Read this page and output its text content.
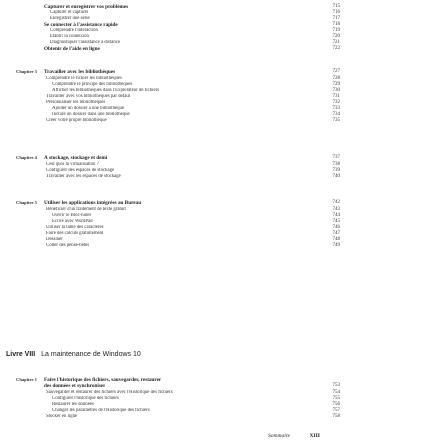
Capturer et enregistrer vos problèmes	715
Capturer et capturer	716
Enregistrer une série	717
Se connecter à l'assistance rapide	718
Comprendre l'interaction	719
Établir la connexion	720
Diagnostiquer l'assistance à distance	721
Obtenir de l'aide en ligne	722
Chapitre 3 Travailler avec les bibliothèques	727
Comprendre le fichier les bibliothèques	728
Comprendre le principe des bibliothèques	729
Afficher les bibliothèques dans l'Explorateur de fichiers	730
Travailler avec vos bibliothèques par défaut	731
Personnaliser les bibliothèques	732
Ajouter un dossier à une bibliothèque	733
Inclure un dossier dans une bibliothèque	734
Créer votre propre bibliothèque	735
Chapitre 4 À stockage, stockage et demi	737
Cest quoi la virtualisation ?	738
Configurer des espaces de stockage	739
Travailler avec les espaces de stockage	740
Chapitre 5 Utiliser les applications intégrées au Bureau	742
Bénéficier d'un traitement de texte gratuit	743
Ouvrir le Bloc-notes	744
Écrire avec WordPad	745
Utiliser la table des caractères	746
Faire des calculs gratuitement	747
Dessiner	748
Coller des pense-bêtes	749
Livre VIII La maintenance de Windows 10
Chapitre 1 Faire l'historique des fichiers, sauvegarder, restaurer
des données et synchroniser	753
Sauvegarder et restaurer des fichiers avec l'Historique des fichiers	754
Configurer l'historique des fichiers	755
Restaurer les données	756
Changer les paramètres de l'Historique des fichiers	757
Stocker en ligne	758
Sommaire	XIII
